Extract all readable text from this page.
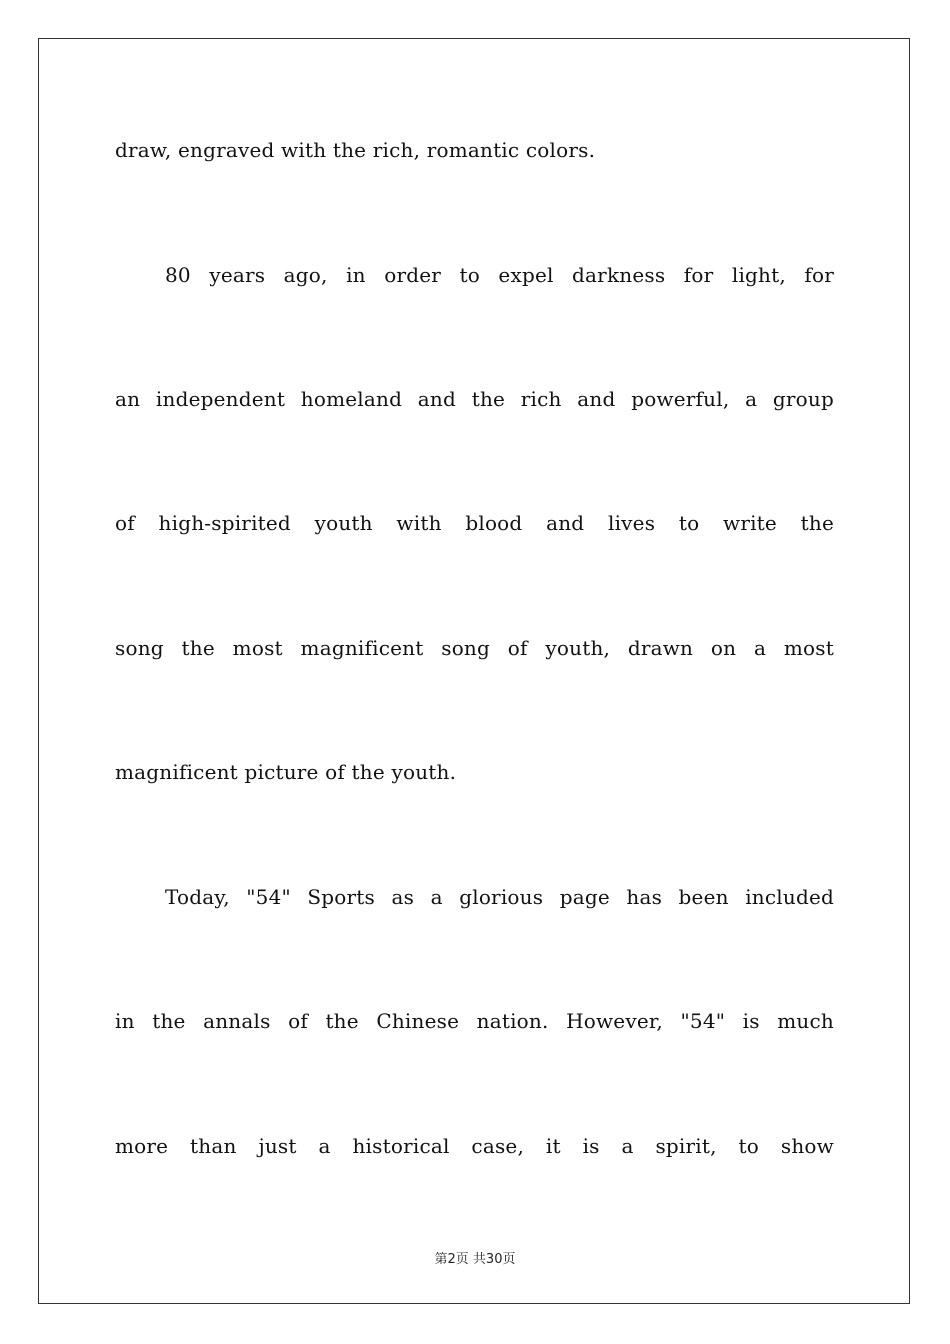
draw, engraved with the rich, romantic colors.
80 years ago, in order to expel darkness for light, for
an independent homeland and the rich and powerful, a group
of high-spirited youth with blood and lives to write the
song the most magnificent song of youth, drawn on a most
magnificent picture of the youth.
Today, "54" Sports as a glorious page has been included
in the annals of the Chinese nation. However, "54" is much
more than just a historical case, it is a spirit, to show
第2页 共30页
